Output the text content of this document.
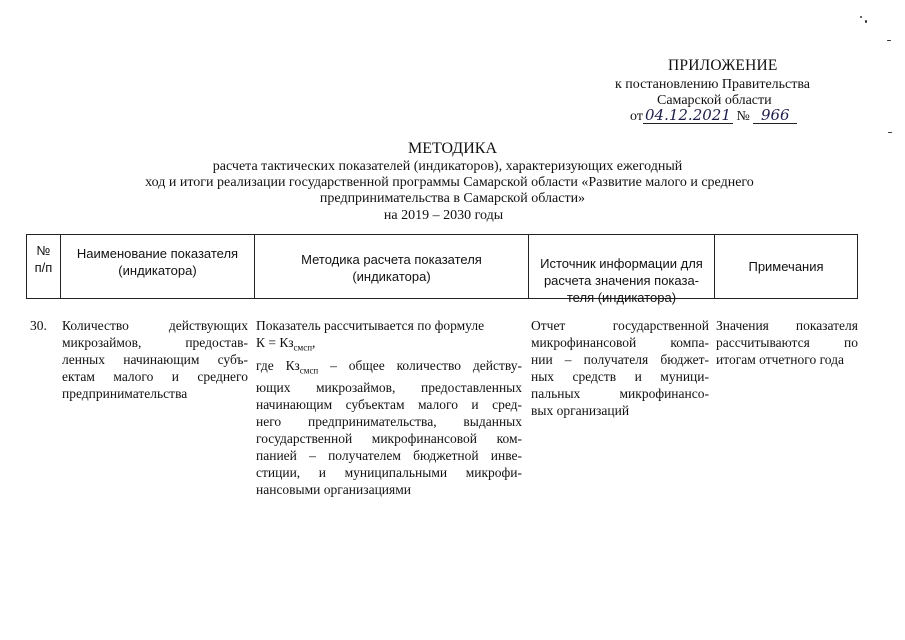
ПРИЛОЖЕНИЕ
к постановлению Правительства
Самарской области
от 04.12.2021 № 966
МЕТОДИКА
расчета тактических показателей (индикаторов), характеризующих ежегодный
ход и итоги реализации государственной программы Самарской области «Развитие малого и среднего
предпринимательства в Самарской области»
на 2019 – 2030 годы
№
п/п
Наименование показателя
(индикатора)
Методика расчета показателя
(индикатора)
Источник информации для
расчета значения показа-
теля (индикатора)
Примечания
30.	Количество действующих
микрозаймов, предостав-
ленных начинающим субъ-
ектам малого и среднего
предпринимательства
Показатель рассчитывается по формуле
$К = Кз_{смсп}$,
где $Кз_{смсп}$ – общее количество действу-
ющих микрозаймов, предоставленных
начинающим субъектам малого и сред-
него предпринимательства, выданных
государственной микрофинансовой ком-
панией – получателем бюджетной инве-
стиции, и муниципальными микрофи-
нансовыми организациями
Отчет государственной
микрофинансовой компа-
нии – получателя бюджет-
ных средств и муници-
пальных микрофинансо-
вых организаций
Значения показателя
рассчитываются по
итогам отчетного года
